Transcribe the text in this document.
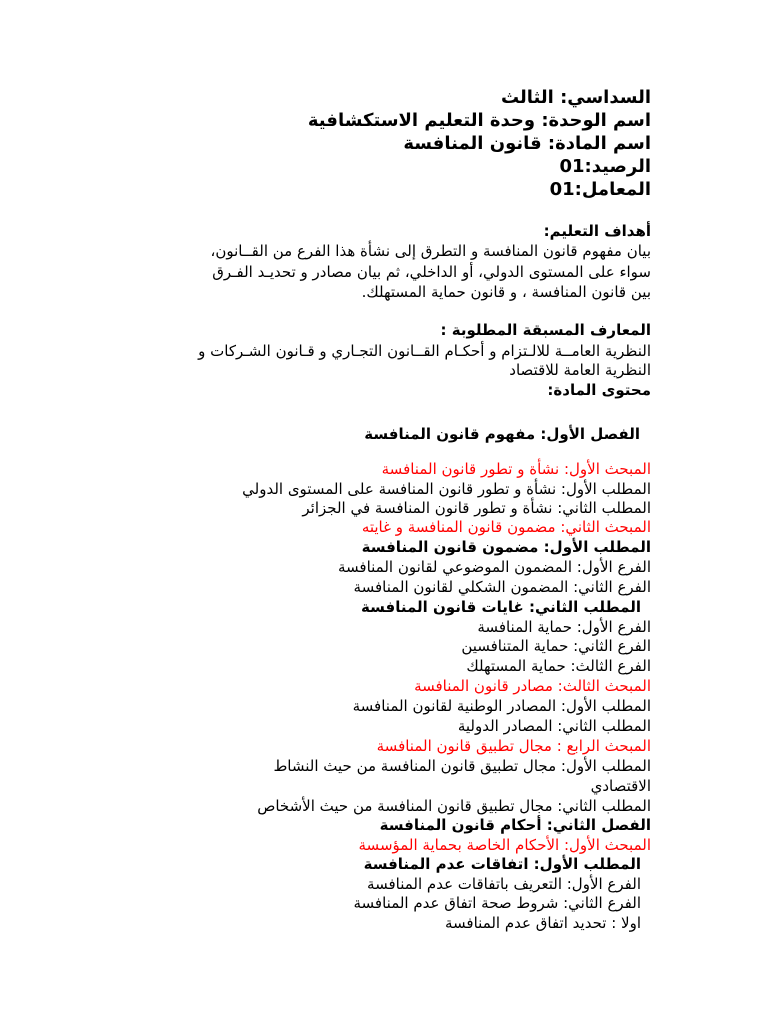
السداسي: الثالث
اسم الوحدة: وحدة التعليم الاستكشافية
اسم المادة: قانون المنافسة
الرصيد:01
المعامل:01
أهداف التعليم:
بيان مفهوم قانون المنافسة و التطرق إلى نشأة هذا الفرع من القــانون،
سواء على المستوى الدولي، أو الداخلي، ثم بيان مصادر و تحديـد الفـرق
بين قانون المنافسة ، و قانون حماية المستهلك.
المعارف المسبقة المطلوبة :
النظرية العامــة للالـتزام و أحكـام القــانون التجـاري و قـانون الشـركات و
النظرية العامة للاقتصاد
محتوى المادة:
الفصل الأول: مفهوم قانون المنافسة
المبحث الأول: نشأة و تطور قانون المنافسة
المطلب الأول: نشأة و تطور قانون المنافسة على المستوى الدولي
المطلب الثاني: نشأة و تطور قانون المنافسة في الجزائر
المبحث الثاني: مضمون قانون المنافسة و غايته
المطلب الأول: مضمون قانون المنافسة
الفرع الأول: المضمون الموضوعي لقانون المنافسة
الفرع الثاني: المضمون الشكلي لقانون المنافسة
المطلب الثاني: غايات قانون المنافسة
الفرع الأول: حماية المنافسة
الفرع الثاني: حماية المتنافسين
الفرع الثالث: حماية المستهلك
المبحث الثالث: مصادر قانون المنافسة
المطلب الأول: المصادر الوطنية لقانون المنافسة
المطلب الثاني: المصادر الدولية
المبحث الرابع : مجال تطبيق قانون المنافسة
المطلب الأول: مجال تطبيق قانون المنافسة من حيث النشاط
الاقتصادي
المطلب الثاني: مجال تطبيق قانون المنافسة من حيث الأشخاص
الفصل الثاني: أحكام قانون المنافسة
المبحث الأول: الأحكام الخاصة بحماية المؤسسة
المطلب الأول: اتفاقات عدم المنافسة
الفرع الأول: التعريف باتفاقات عدم المنافسة
الفرع الثاني: شروط صحة اتفاق عدم المنافسة
اولا : تحديد اتفاق عدم المنافسة
